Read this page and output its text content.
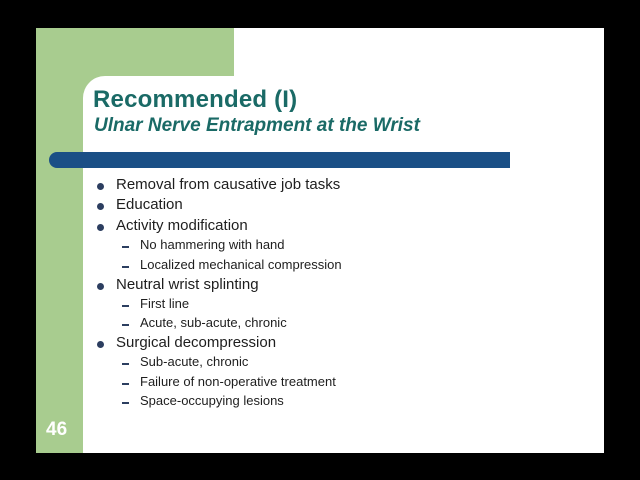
Recommended (I)
Ulnar Nerve Entrapment at the Wrist
Removal from causative job tasks
Education
Activity modification
No hammering with hand
Localized mechanical compression
Neutral wrist splinting
First line
Acute, sub-acute, chronic
Surgical decompression
Sub-acute, chronic
Failure of non-operative treatment
Space-occupying lesions
46
